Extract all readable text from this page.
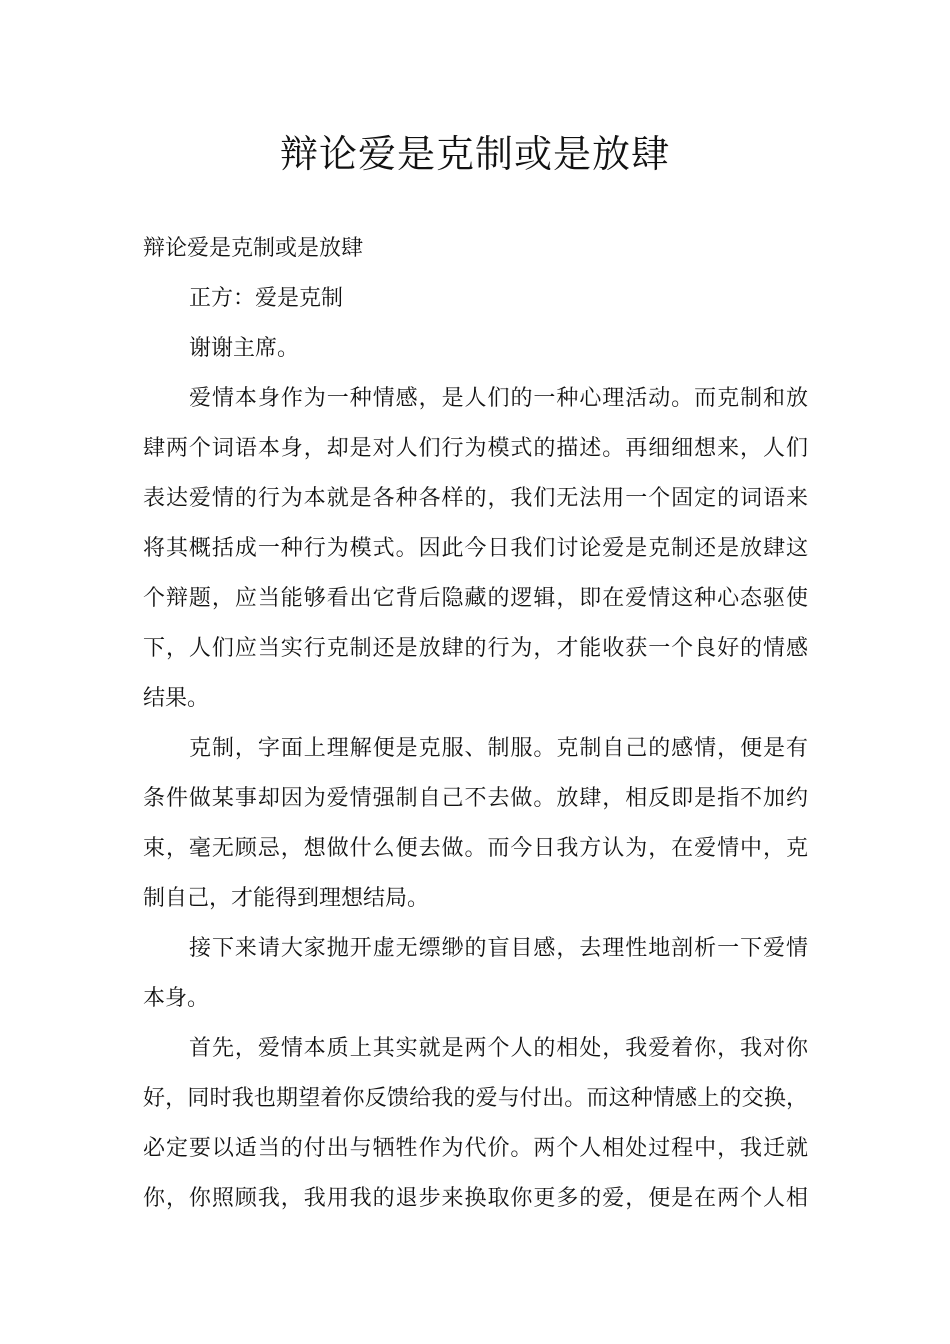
辩论爱是克制或是放肆
辩论爱是克制或是放肆
正方：爱是克制
谢谢主席。
爱情本身作为一种情感，是人们的一种心理活动。而克制和放
肆两个词语本身，却是对人们行为模式的描述。再细细想来，人们
表达爱情的行为本就是各种各样的，我们无法用一个固定的词语来
将其概括成一种行为模式。因此今日我们讨论爱是克制还是放肆这
个辩题，应当能够看出它背后隐藏的逻辑，即在爱情这种心态驱使
下，人们应当实行克制还是放肆的行为，才能收获一个良好的情感
结果。
克制，字面上理解便是克服、制服。克制自己的感情，便是有
条件做某事却因为爱情强制自己不去做。放肆，相反即是指不加约
束，毫无顾忌，想做什么便去做。而今日我方认为，在爱情中，克
制自己，才能得到理想结局。
接下来请大家抛开虚无缥缈的盲目感，去理性地剖析一下爱情
本身。
首先，爱情本质上其实就是两个人的相处，我爱着你，我对你
好，同时我也期望着你反馈给我的爱与付出。而这种情感上的交换，
必定要以适当的付出与牺牲作为代价。两个人相处过程中，我迁就
你，你照顾我，我用我的退步来换取你更多的爱，便是在两个人相
